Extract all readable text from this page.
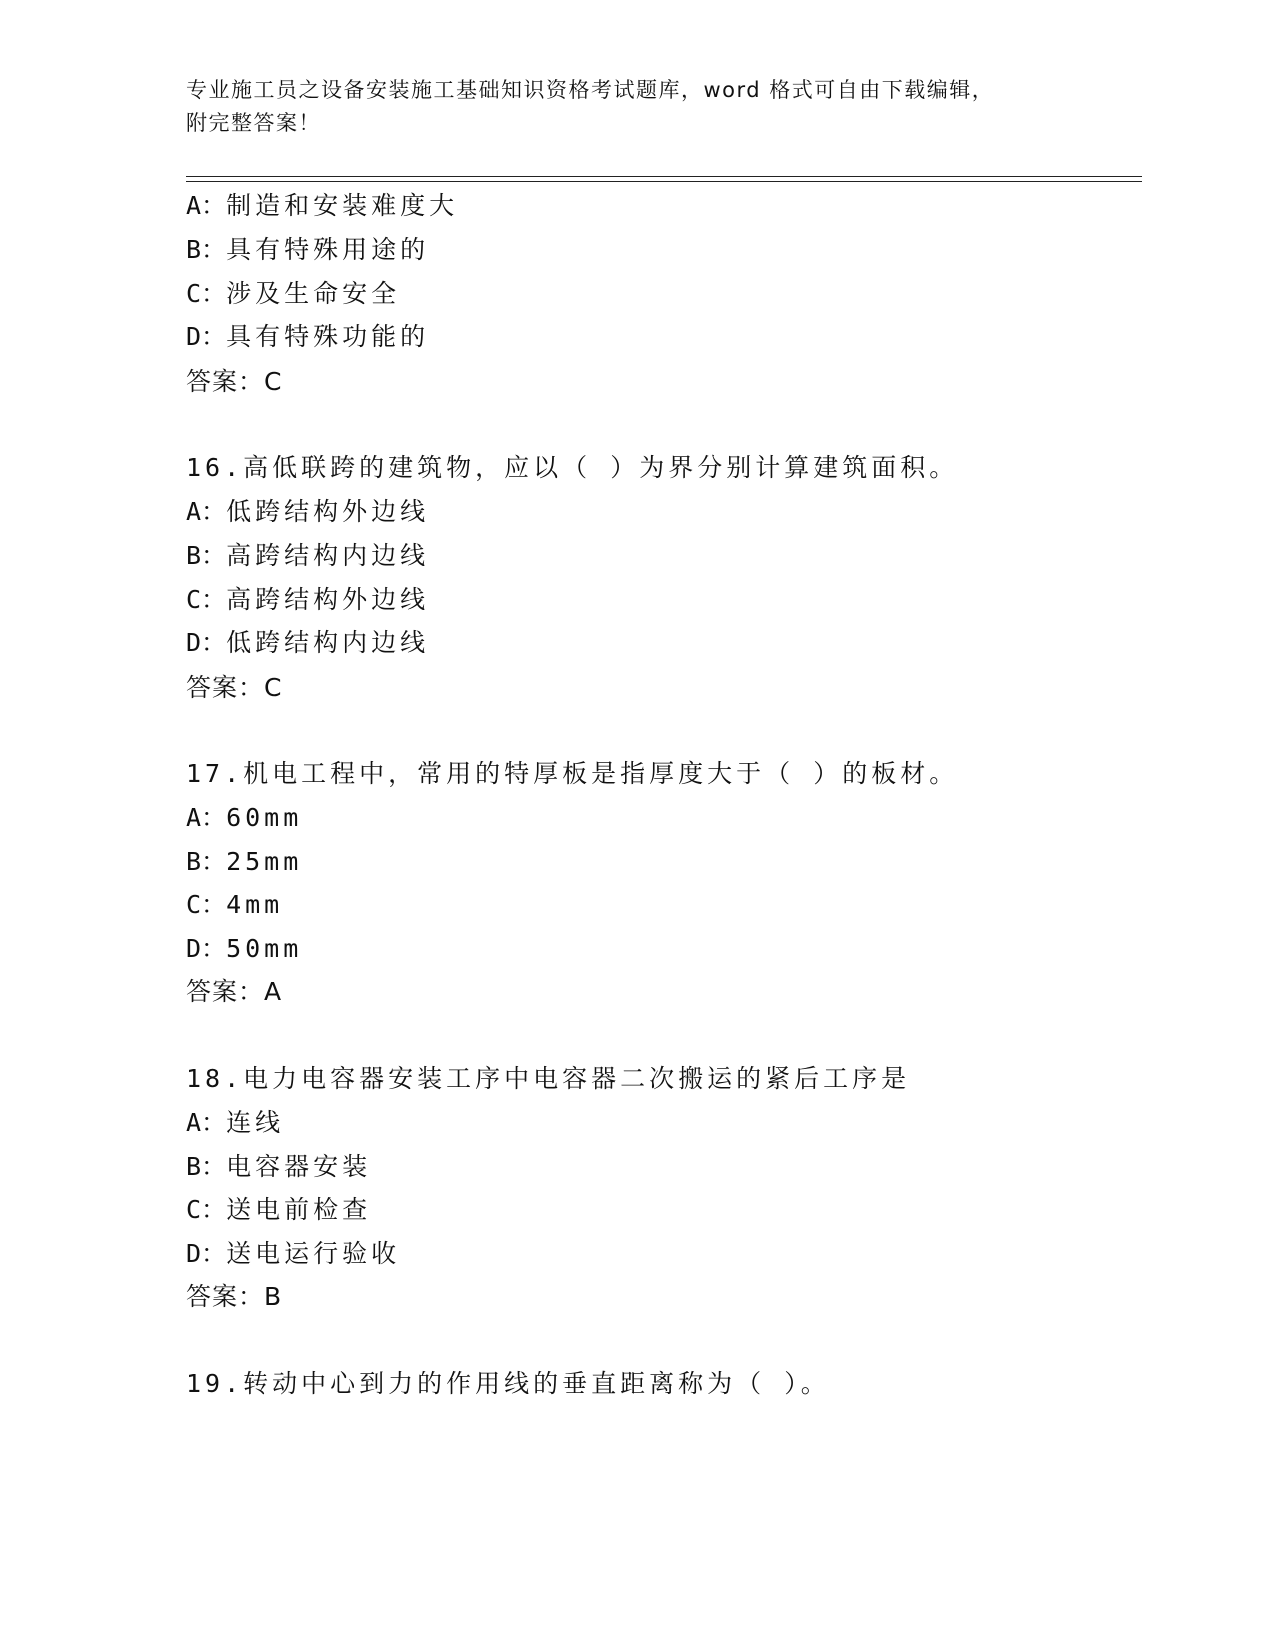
专业施工员之设备安装施工基础知识资格考试题库，word 格式可自由下载编辑，
附完整答案！
A：制造和安装难度大
B：具有特殊用途的
C：涉及生命安全
D：具有特殊功能的
答案：C
16.高低联跨的建筑物，应以（ ）为界分别计算建筑面积。
A：低跨结构外边线
B：高跨结构内边线
C：高跨结构外边线
D：低跨结构内边线
答案：C
17.机电工程中，常用的特厚板是指厚度大于（ ）的板材。
A：60mm
B：25mm
C：4mm
D：50mm
答案：A
18.电力电容器安装工序中电容器二次搬运的紧后工序是
A：连线
B：电容器安装
C：送电前检查
D：送电运行验收
答案：B
19.转动中心到力的作用线的垂直距离称为（ ）。
